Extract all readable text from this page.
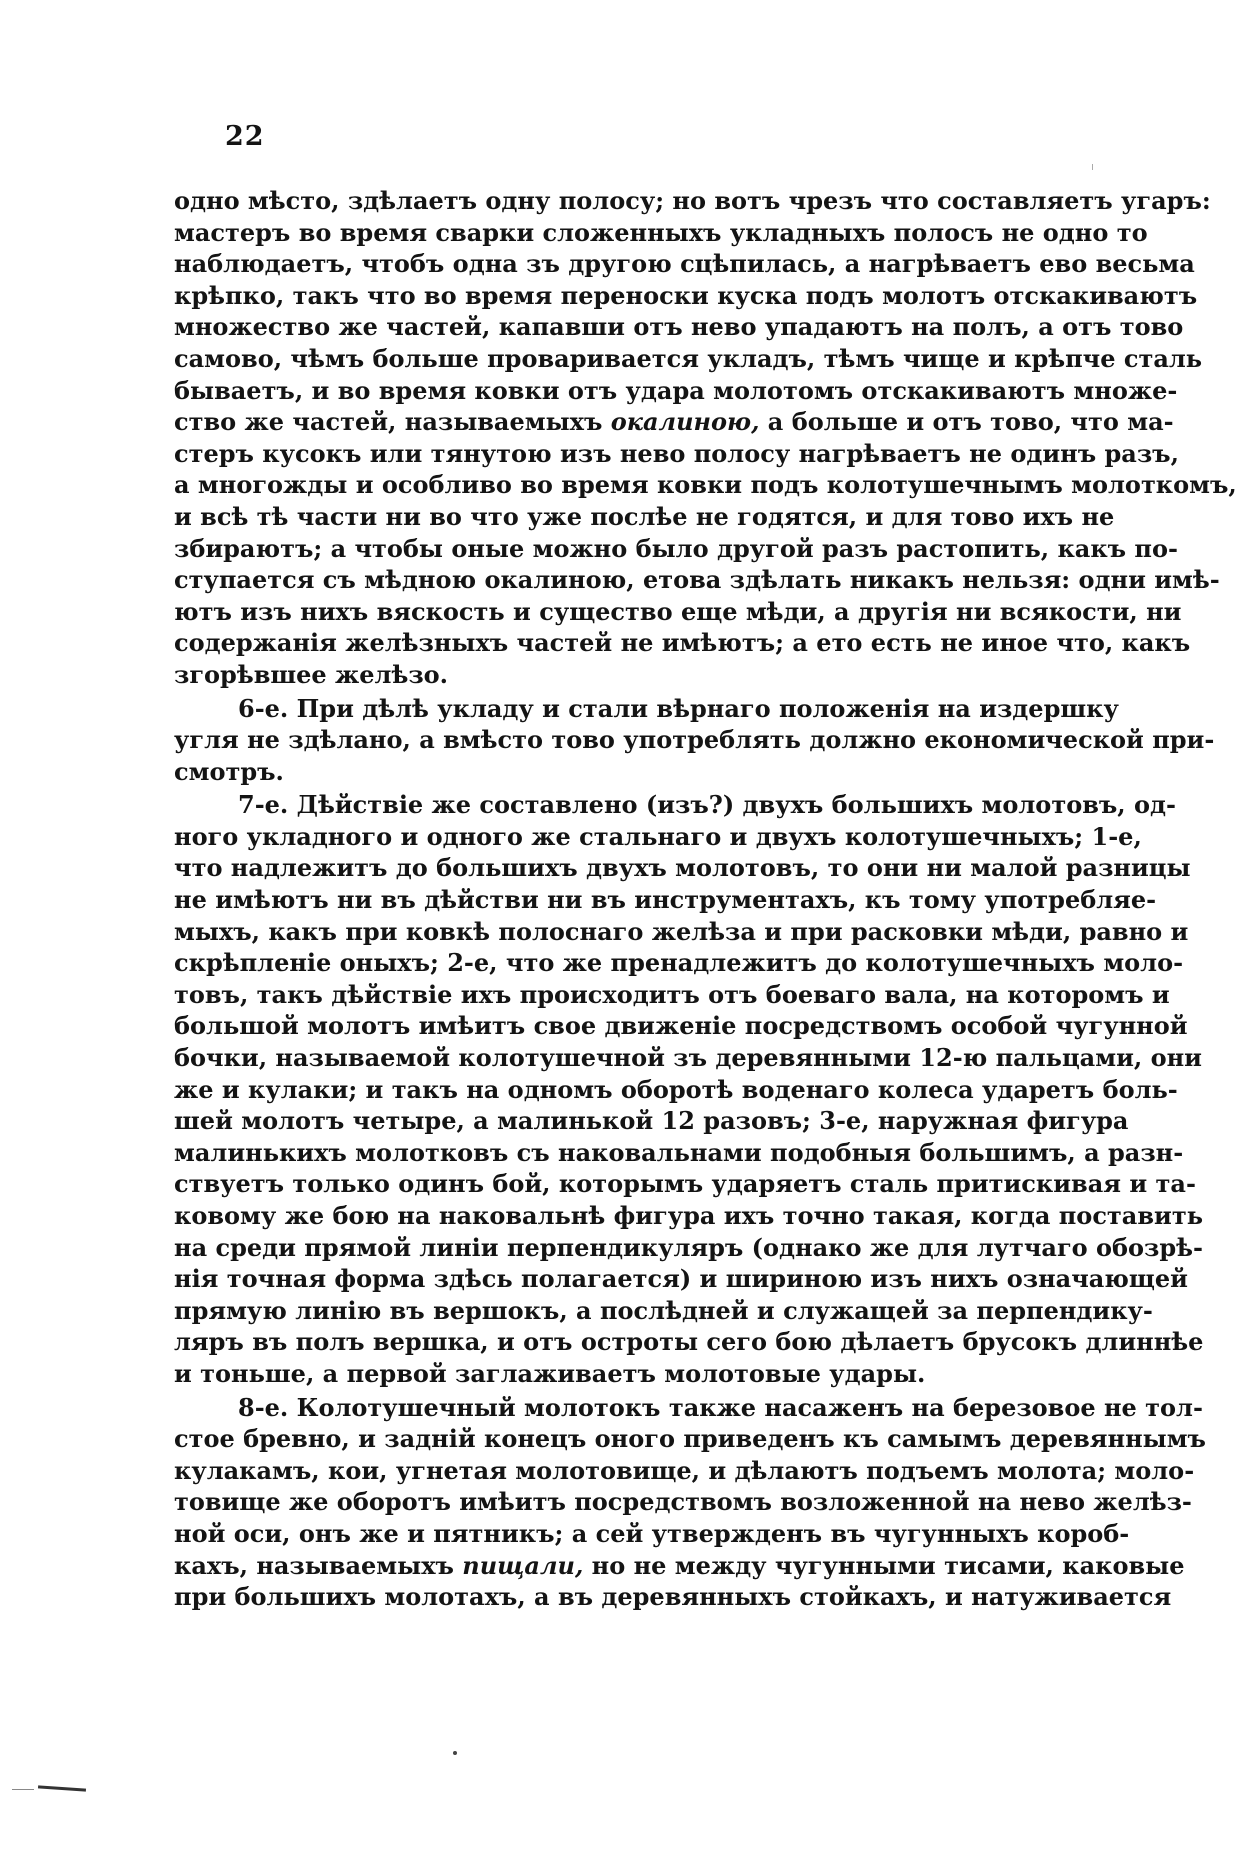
22
одно мѣсто, здѣлаетъ одну полосу; но вотъ чрезъ что составляетъ угаръ:
мастеръ во время сварки сложенныхъ укладныхъ полосъ не одно то
наблюдаетъ, чтобъ одна зъ другою сцѣпилась, а нагрѣваетъ ево весьма
крѣпко, такъ что во время переноски куска подъ молотъ отскакиваютъ
множество же частей, капавши отъ нево упадаютъ на полъ, а отъ тово
самово, чѣмъ больше проваривается укладъ, тѣмъ чище и крѣпче сталь
бываетъ, и во время ковки отъ удара молотомъ отскакиваютъ множе-
ство же частей, называемыхъ окалиною, а больше и отъ тово, что ма-
стеръ кусокъ или тянутою изъ нево полосу нагрѣваетъ не одинъ разъ,
а многожды и особливо во время ковки подъ колотушечнымъ молоткомъ,
и всѣ тѣ части ни во что уже послѣе не годятся, и для тово ихъ не
збираютъ; а чтобы оные можно было другой разъ растопить, какъ по-
ступается съ мѣдною окалиною, етова здѣлать никакъ нельзя: одни имѣ-
ютъ изъ нихъ вяскость и существо еще мѣди, а другія ни всякости, ни
содержанія желѣзныхъ частей не имѣютъ; а ето есть не иное что, какъ
згорѣвшее желѣзо.
6-е. При дѣлѣ укладу и стали вѣрнаго положенія на издершку
угля не здѣлано, а вмѣсто тово употреблять должно економической при-
смотръ.
7-е. Дѣйствіе же составлено (изъ?) двухъ большихъ молотовъ, од-
ного укладного и одного же стальнаго и двухъ колотушечныхъ; 1-е,
что надлежитъ до большихъ двухъ молотовъ, то они ни малой разницы
не имѣютъ ни въ дѣйстви ни въ инструментахъ, къ тому употребляе-
мыхъ, какъ при ковкѣ полоснаго желѣза и при расковки мѣди, равно и
скрѣпленіе оныхъ; 2-е, что же пренадлежитъ до колотушечныхъ моло-
товъ, такъ дѣйствіе ихъ происходитъ отъ боеваго вала, на которомъ и
большой молотъ имѣитъ свое движеніе посредствомъ особой чугунной
бочки, называемой колотушечной зъ деревянными 12-ю пальцами, они
же и кулаки; и такъ на одномъ оборотѣ воденаго колеса ударетъ боль-
шей молотъ четыре, а малинькой 12 разовъ; 3-е, наружная фигура
малинькихъ молотковъ съ наковальнами подобныя большимъ, а разн-
ствуетъ только одинъ бой, которымъ ударяетъ сталь притискивая и та-
ковому же бою на наковальнѣ фигура ихъ точно такая, когда поставить
на среди прямой линіи перпендикуляръ (однако же для лутчаго обозрѣ-
нія точная форма здѣсь полагается) и шириною изъ нихъ означающей
прямую линію въ вершокъ, а послѣдней и служащей за перпендику-
ляръ въ полъ вершка, и отъ остроты сего бою дѣлаетъ брусокъ длиннѣе
и тоньше, а первой заглаживаетъ молотовые удары.
8-е. Колотушечный молотокъ также насаженъ на березовое не тол-
стое бревно, и задній конецъ оного приведенъ къ самымъ деревяннымъ
кулакамъ, кои, угнетая молотовище, и дѣлаютъ подъемъ молота; моло-
товище же оборотъ имѣитъ посредствомъ возложенной на нево желѣз-
ной оси, онъ же и пятникъ; а сей утвержденъ въ чугунныхъ короб-
кахъ, называемыхъ пищали, но не между чугунными тисами, каковые
при большихъ молотахъ, а въ деревянныхъ стойкахъ, и натуживается
